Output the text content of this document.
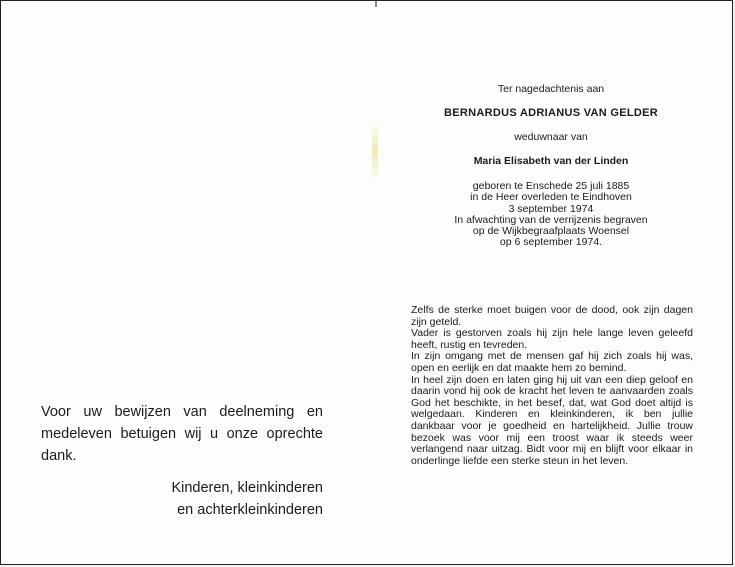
Voor uw bewijzen van deelneming en medeleven betuigen wij u onze oprechte dank.
Kinderen, kleinkinderen
en achterkleinkinderen
Ter nagedachtenis aan
BERNARDUS ADRIANUS VAN GELDER
weduwnaar van
Maria Elisabeth van der Linden
geboren te Enschede 25 juli 1885
in de Heer overleden te Eindhoven
3 september 1974
In afwachting van de verrijzenis begraven
op de Wijkbegraafplaats Woensel
op 6 september 1974.

Zelfs de sterke moet buigen voor de dood, ook zijn dagen zijn geteld.

Vader is gestorven zoals hij zijn hele lange leven geleefd heeft, rustig en tevreden.

In zijn omgang met de mensen gaf hij zich zoals hij was, open en eerlijk en dat maakte hem zo bemind.

In heel zijn doen en laten ging hij uit van een diep geloof en daarin vond hij ook de kracht het leven te aanvaarden zoals God het beschikte, in het besef, dat, wat God doet altijd is welgedaan. Kinderen en kleinkinderen, ik ben jullie dankbaar voor je goedheid en hartelijkheid. Jullie trouw bezoek was voor mij een troost waar ik steeds weer verlangend naar uitzag. Bidt voor mij en blijft voor elkaar in onderlinge liefde een sterke steun in het leven.
